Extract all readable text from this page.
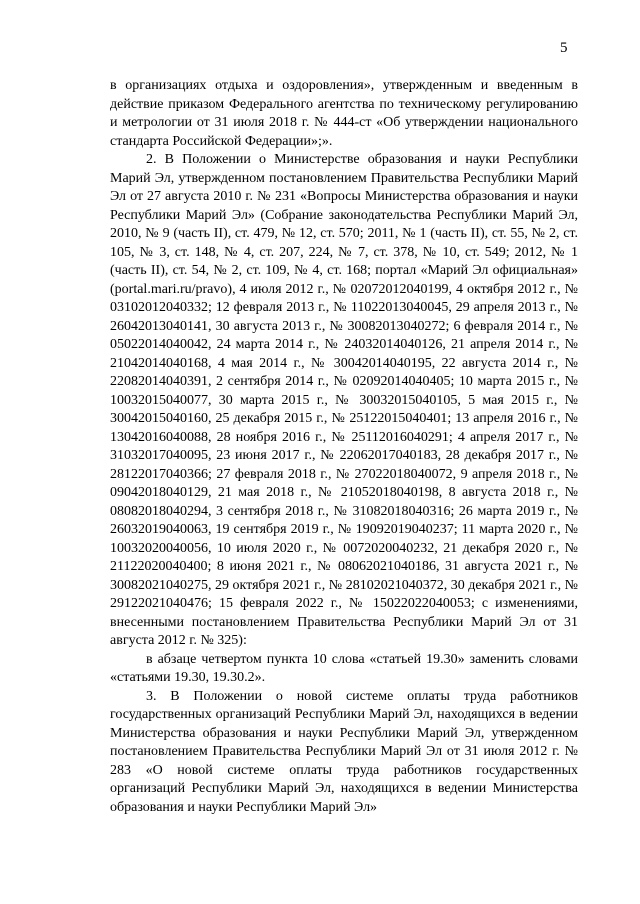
5

в организациях отдыха и оздоровления», утвержденным и введенным в действие приказом Федерального агентства по техническому регулированию и метрологии от 31 июля 2018 г. № 444-ст «Об утверждении национального стандарта Российской Федерации»;».

2. В Положении о Министерстве образования и науки Республики Марий Эл, утвержденном постановлением Правительства Республики Марий Эл от 27 августа 2010 г. № 231 «Вопросы Министерства образования и науки Республики Марий Эл» (Собрание законодательства Республики Марий Эл, 2010, № 9 (часть II), ст. 479, № 12, ст. 570; 2011, № 1 (часть II), ст. 55, № 2, ст. 105, № 3, ст. 148, № 4, ст. 207, 224, № 7, ст. 378, № 10, ст. 549; 2012, № 1 (часть II), ст. 54, № 2, ст. 109, № 4, ст. 168; портал «Марий Эл официальная» (portal.mari.ru/pravo), 4 июля 2012 г., № 02072012040199, 4 октября 2012 г., № 03102012040332; 12 февраля 2013 г., № 11022013040045, 29 апреля 2013 г., № 26042013040141, 30 августа 2013 г., № 30082013040272; 6 февраля 2014 г., № 05022014040042, 24 марта 2014 г., № 24032014040126, 21 апреля 2014 г., № 21042014040168, 4 мая 2014 г., № 30042014040195, 22 августа 2014 г., № 22082014040391, 2 сентября 2014 г., № 02092014040405; 10 марта 2015 г., № 10032015040077, 30 марта 2015 г., № 30032015040105, 5 мая 2015 г., № 30042015040160, 25 декабря 2015 г., № 25122015040401; 13 апреля 2016 г., № 13042016040088, 28 ноября 2016 г., № 25112016040291; 4 апреля 2017 г., № 31032017040095, 23 июня 2017 г., № 22062017040183, 28 декабря 2017 г., № 28122017040366; 27 февраля 2018 г., № 27022018040072, 9 апреля 2018 г., № 09042018040129, 21 мая 2018 г., № 21052018040198, 8 августа 2018 г., № 08082018040294, 3 сентября 2018 г., № 31082018040316; 26 марта 2019 г., № 26032019040063, 19 сентября 2019 г., № 19092019040237; 11 марта 2020 г., № 10032020040056, 10 июля 2020 г., № 0072020040232, 21 декабря 2020 г., № 21122020040400; 8 июня 2021 г., № 08062021040186, 31 августа 2021 г., № 30082021040275, 29 октября 2021 г., № 28102021040372, 30 декабря 2021 г., № 29122021040476; 15 февраля 2022 г., № 15022022040053; с изменениями, внесенными постановлением Правительства Республики Марий Эл от 31 августа 2012 г. № 325):

в абзаце четвертом пункта 10 слова «статьей 19.30» заменить словами «статьями 19.30, 19.30.2».

3. В Положении о новой системе оплаты труда работников государственных организаций Республики Марий Эл, находящихся в ведении Министерства образования и науки Республики Марий Эл, утвержденном постановлением Правительства Республики Марий Эл от 31 июля 2012 г. № 283 «О новой системе оплаты труда работников государственных организаций Республики Марий Эл, находящихся в ведении Министерства образования и науки Республики Марий Эл»
